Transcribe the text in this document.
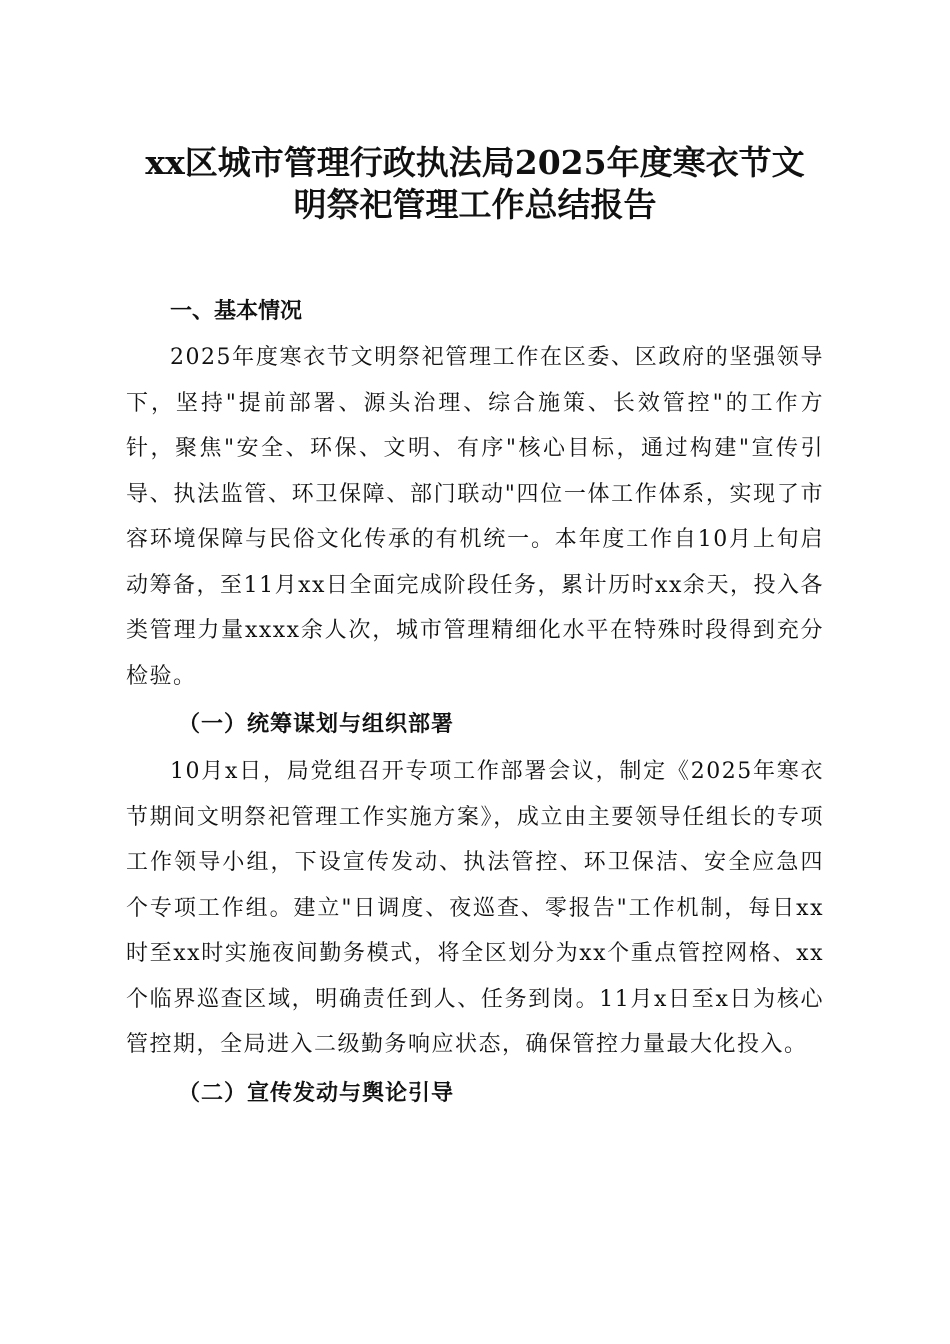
xx区城市管理行政执法局2025年度寒衣节文
明祭祀管理工作总结报告
一、基本情况

2025年度寒衣节文明祭祀管理工作在区委、区政府的坚强领导下，坚持"提前部署、源头治理、综合施策、长效管控"的工作方针，聚焦"安全、环保、文明、有序"核心目标，通过构建"宣传引导、执法监管、环卫保障、部门联动"四位一体工作体系，实现了市容环境保障与民俗文化传承的有机统一。本年度工作自10月上旬启动筹备，至11月xx日全面完成阶段任务，累计历时xx余天，投入各类管理力量xxxx余人次，城市管理精细化水平在特殊时段得到充分检验。

（一）统筹谋划与组织部署

10月x日，局党组召开专项工作部署会议，制定《2025年寒衣节期间文明祭祀管理工作实施方案》，成立由主要领导任组长的专项工作领导小组，下设宣传发动、执法管控、环卫保洁、安全应急四个专项工作组。建立"日调度、夜巡查、零报告"工作机制，每日xx时至xx时实施夜间勤务模式，将全区划分为xx个重点管控网格、xx个临界巡查区域，明确责任到人、任务到岗。11月x日至x日为核心管控期，全局进入二级勤务响应状态，确保管控力量最大化投入。

（二）宣传发动与舆论引导
